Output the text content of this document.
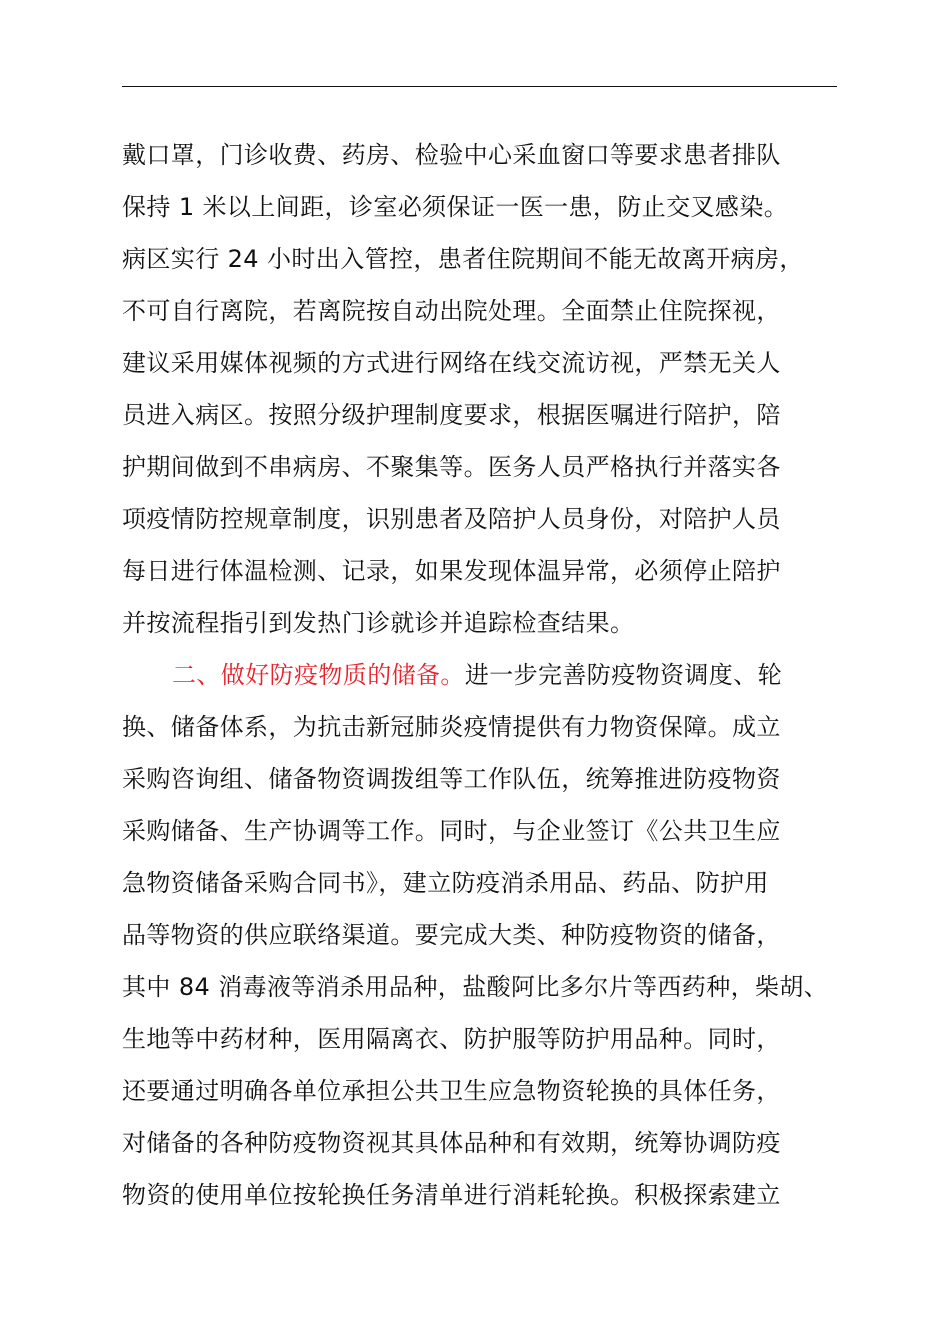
戴口罩，门诊收费、药房、检验中心采血窗口等要求患者排队
保持 1 米以上间距，诊室必须保证一医一患，防止交叉感染。
病区实行 24 小时出入管控，患者住院期间不能无故离开病房，
不可自行离院，若离院按自动出院处理。全面禁止住院探视，
建议采用媒体视频的方式进行网络在线交流访视，严禁无关人
员进入病区。按照分级护理制度要求，根据医嘱进行陪护，陪
护期间做到不串病房、不聚集等。医务人员严格执行并落实各
项疫情防控规章制度，识别患者及陪护人员身份，对陪护人员
每日进行体温检测、记录，如果发现体温异常，必须停止陪护
并按流程指引到发热门诊就诊并追踪检查结果。
二、做好防疫物质的储备。进一步完善防疫物资调度、轮
换、储备体系，为抗击新冠肺炎疫情提供有力物资保障。成立
采购咨询组、储备物资调拨组等工作队伍，统筹推进防疫物资
采购储备、生产协调等工作。同时，与企业签订《公共卫生应
急物资储备采购合同书》，建立防疫消杀用品、药品、防护用
品等物资的供应联络渠道。要完成大类、种防疫物资的储备，
其中 84 消毒液等消杀用品种，盐酸阿比多尔片等西药种，柴胡、
生地等中药材种，医用隔离衣、防护服等防护用品种。同时，
还要通过明确各单位承担公共卫生应急物资轮换的具体任务，
对储备的各种防疫物资视其具体品种和有效期，统筹协调防疫
物资的使用单位按轮换任务清单进行消耗轮换。积极探索建立
